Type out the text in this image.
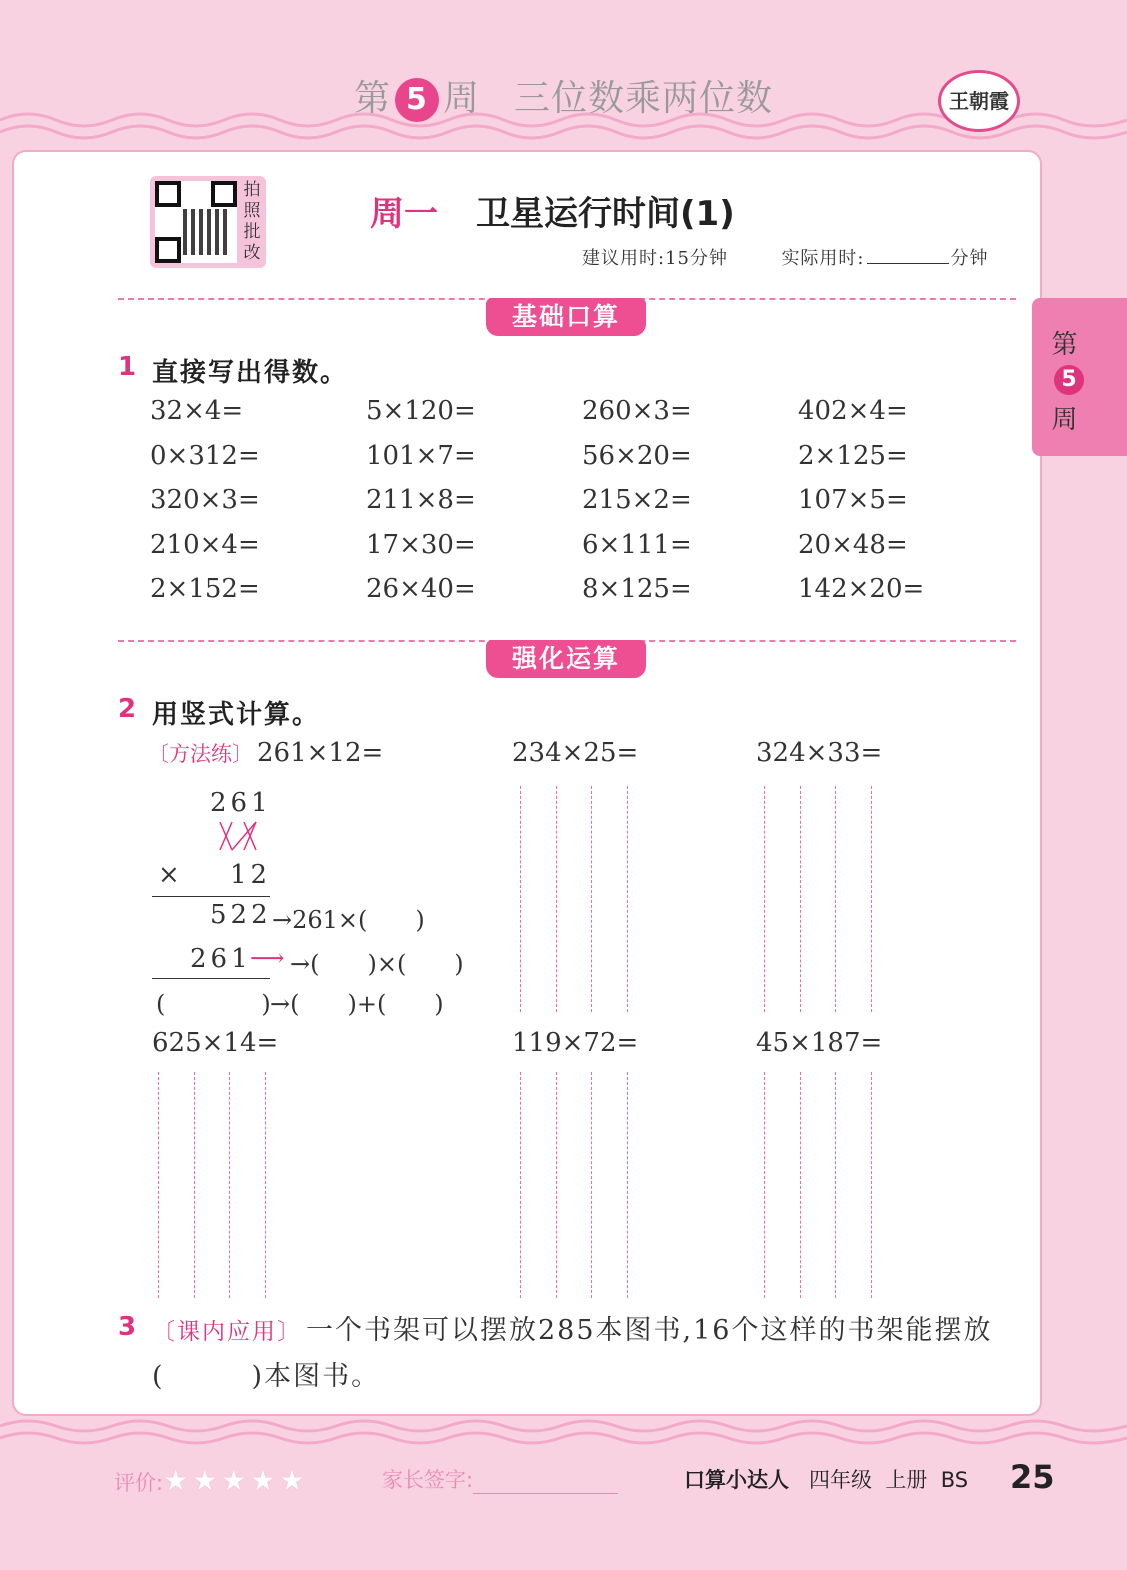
第 5 周 三位数乘两位数	王朝霞
拍
照
批
改
周一 卫星运行时间(1)
建议用时:15分钟	实际用时:	分钟
基础口算
1 直接写出得数。
32×4=	5×120=	260×3=	402×4=
0×312=	101×7=	56×20=	2×125=
320×3=	211×8=	215×2=	107×5=
210×4=	17×30=	6×111=	20×48=
2×152=	26×40=	8×125=	142×20=
强化运算
2 用竖式计算。
〔方法练〕 261×12=	234×25=	324×33=
261
× 12
522 →261×(　　)
261
⟶ →(　　)×(　　)
(　　　　) →(　　)+(　　)
625×14=	119×72=	45×187=
3 〔课内应用〕 一个书架可以摆放285本图书,16个这样的书架能摆放
(　　　)本图书。
第
5
周
评价:★ ★ ★ ★ ★	家长签字:	口算小达人 四年级 上册 BS 25
